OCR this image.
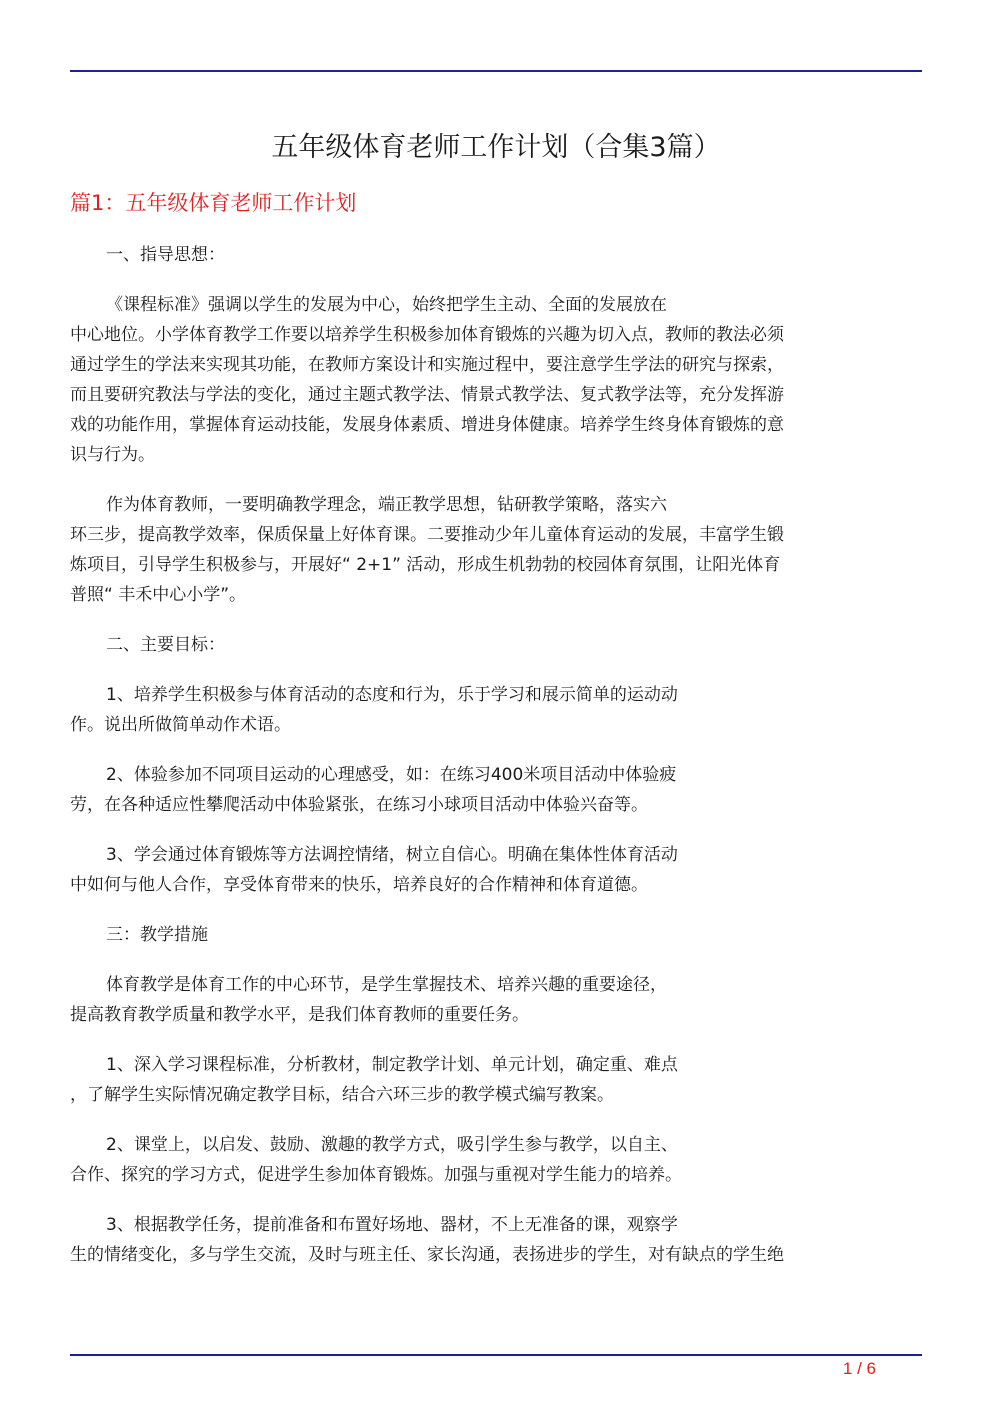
五年级体育老师工作计划（合集3篇）
篇1：五年级体育老师工作计划

一、指导思想：

《课程标准》强调以学生的发展为中心，始终把学生主动、全面的发展放在
中心地位。小学体育教学工作要以培养学生积极参加体育锻炼的兴趣为切入点，教师的教法必须
通过学生的学法来实现其功能，在教师方案设计和实施过程中，要注意学生学法的研究与探索，
而且要研究教法与学法的变化，通过主题式教学法、情景式教学法、复式教学法等，充分发挥游
戏的功能作用，掌握体育运动技能，发展身体素质、增进身体健康。培养学生终身体育锻炼的意
识与行为。

作为体育教师，一要明确教学理念，端正教学思想，钻研教学策略，落实六
环三步，提高教学效率，保质保量上好体育课。二要推动少年儿童体育运动的发展，丰富学生锻
炼项目，引导学生积极参与，开展好“ 2+1” 活动，形成生机勃勃的校园体育氛围，让阳光体育
普照“ 丰禾中心小学”。

二、主要目标：

1、培养学生积极参与体育活动的态度和行为，乐于学习和展示简单的运动动
作。说出所做简单动作术语。

2、体验参加不同项目运动的心理感受，如：在练习400米项目活动中体验疲
劳，在各种适应性攀爬活动中体验紧张，在练习小球项目活动中体验兴奋等。

3、学会通过体育锻炼等方法调控情绪，树立自信心。明确在集体性体育活动
中如何与他人合作，享受体育带来的快乐，培养良好的合作精神和体育道德。

三：教学措施

体育教学是体育工作的中心环节，是学生掌握技术、培养兴趣的重要途径，
提高教育教学质量和教学水平，是我们体育教师的重要任务。

1、深入学习课程标准，分析教材，制定教学计划、单元计划，确定重、难点
，了解学生实际情况确定教学目标，结合六环三步的教学模式编写教案。

2、课堂上，以启发、鼓励、激趣的教学方式，吸引学生参与教学，以自主、
合作、探究的学习方式，促进学生参加体育锻炼。加强与重视对学生能力的培养。

3、根据教学任务，提前准备和布置好场地、器材，不上无准备的课，观察学
生的情绪变化，多与学生交流，及时与班主任、家长沟通，表扬进步的学生，对有缺点的学生绝

1 / 6
